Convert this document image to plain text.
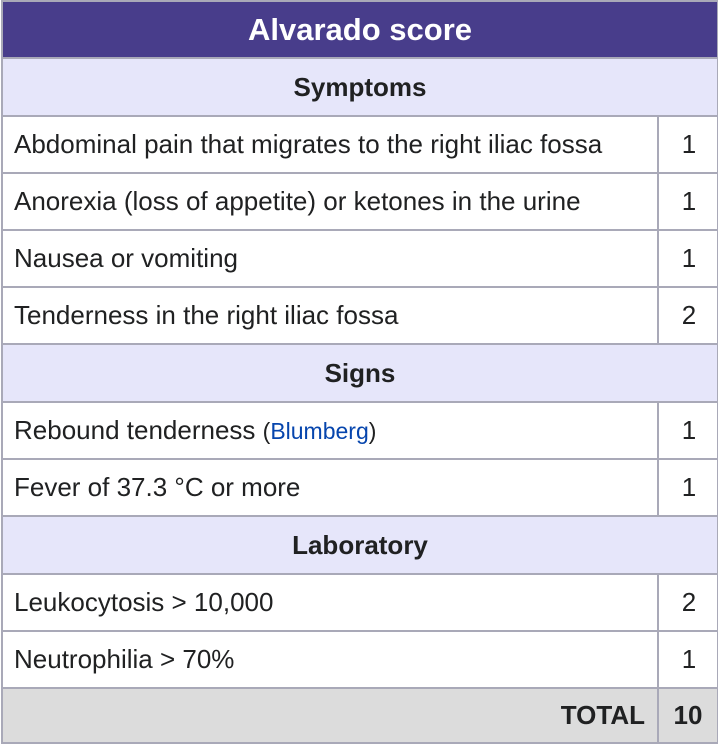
Alvarado score	
Symptoms	
Abdominal pain that migrates to the right iliac fossa	1
Anorexia (loss of appetite) or ketones in the urine	1
Nausea or vomiting	1
Tenderness in the right iliac fossa	2
Signs	
Rebound tenderness (Blumberg)	1
Fever of 37.3 °C or more	1
Laboratory	
Leukocytosis > 10,000	2
Neutrophilia > 70%	1
TOTAL	10
